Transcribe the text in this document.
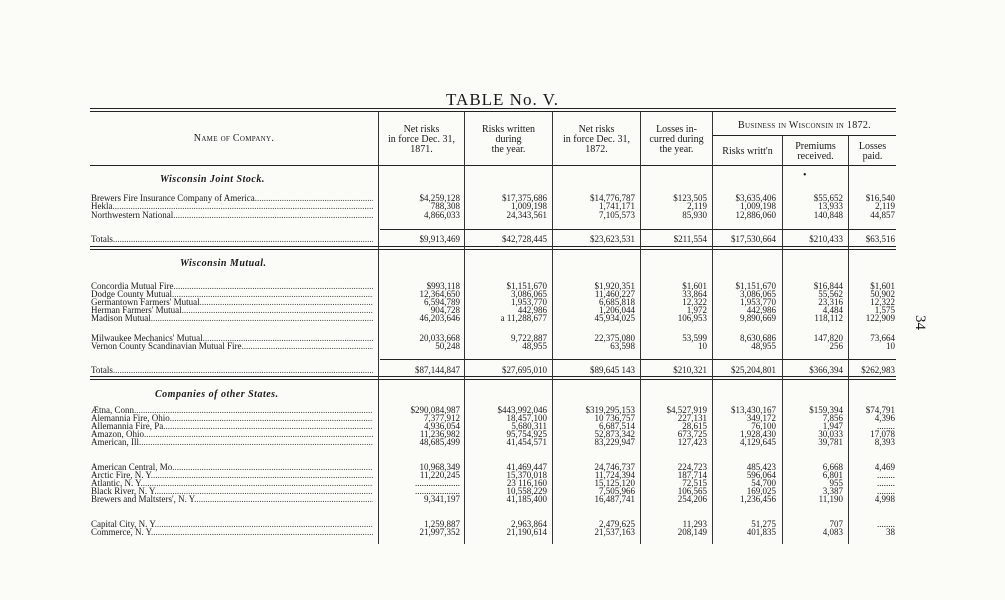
TABLE No. V.
34
Name of Company.
Net risks
in force Dec. 31,
1871.
Risks written
during
the year.
Net risks
in force Dec. 31,
1872.
Losses in-
curred during
the year.
Business in Wisconsin in 1872.
Risks writt'n	Premiums
received.
Losses
paid.
Wisconsin Joint Stock.
Wisconsin Mutual.
Companies of other States.
•
Brewers Fire Insurance Company of America .....	$4,259,128	$17,375,686	$14,776,787	$123,505	$3,635,406	$55,652	$16,540
Hekla .....	788,308	1,009,198	1,741,171	2,119	1,009,198	13,933	2,119
Northwestern National .....	4,866,033	24,343,561	7,105,573	85,930	12,886,060	140,848	44,857
Totals .....	$9,913,469	$42,728,445	$23,623,531	$211,554	$17,530,664	$210,433	$63,516
Concordia Mutual Fire .....	$993,118	$1,151,670	$1,920,351	$1,601	$1,151,670	$16,844	$1,601
Dodge County Mutual .....	12,364,650	3,086,065	11,460,227	33,864	3,086,065	55,562	50,902
Germantown Farmers' Mutual .....	6,594,789	1,953,770	6,685,818	12,322	1,953,770	23,316	12,322
Herman Farmers' Mutual .....	904,728	442,986	1,206,044	1,972	442,986	4,484	1,575
Madison Mutual .....	46,203,646	a 11,288,677	45,934,025	106,953	9,890,669	118,112	122,909
Milwaukee Mechanics' Mutual .....	20,033,668	9,722,887	22,375,080	53,599	8,630,686	147,820	73,664
Vernon County Scandinavian Mutual Fire .....	50,248	48,955	63,598	10	48,955	256	10
Totals .....	$87,144,847	$27,695,010	$89,645 143	$210,321	$25,204,801	$366,394	$262,983
Ætna, Conn .....	$290,084,987	$443,992,046	$319,295,153	$4,527,919	$13,430,167	$159,394	$74,791
Alemannia Fire, Ohio .....	7,377,912	18,457,100	10 736,757	227,131	349,172	7,856	4,396
Allemannia Fire, Pa .....	4,936,054	5,680,311	6,687,514	28,615	76,100	1,947	........
Amazon, Ohio .....	11,236,982	95,754,925	52,873,342	673,725	1,928,430	30,033	17,078
American, Ill .....	48,685,499	41,454,571	83,229,947	127,423	4,129,645	39,781	8,393
American Central, Mo .....	10,968,349	41,469,447	24,746,737	224,723	485,423	6,668	4,469
Arctic Fire, N. Y .....	11,220,245	15,370,018	11,724,394	187,714	596,064	6,801	........
Atlantic, N. Y .....	....................	23 116,160	15,125,120	72,515	54,700	955	........
Black River, N. Y .....	....................	10,558,229	7,505,966	106,565	169,025	3,387	........
Brewers and Maltsters', N. Y .....	9,341,197	41,185,400	16,487,741	254,206	1,236,456	11,190	4,998
Capital City, N. Y .....	1,259,887	2,963,864	2,479,625	11,293	51,275	707	........
Commerce, N. Y .....	21,997,352	21,190,614	21,537,163	208,149	401,835	4,083	38
